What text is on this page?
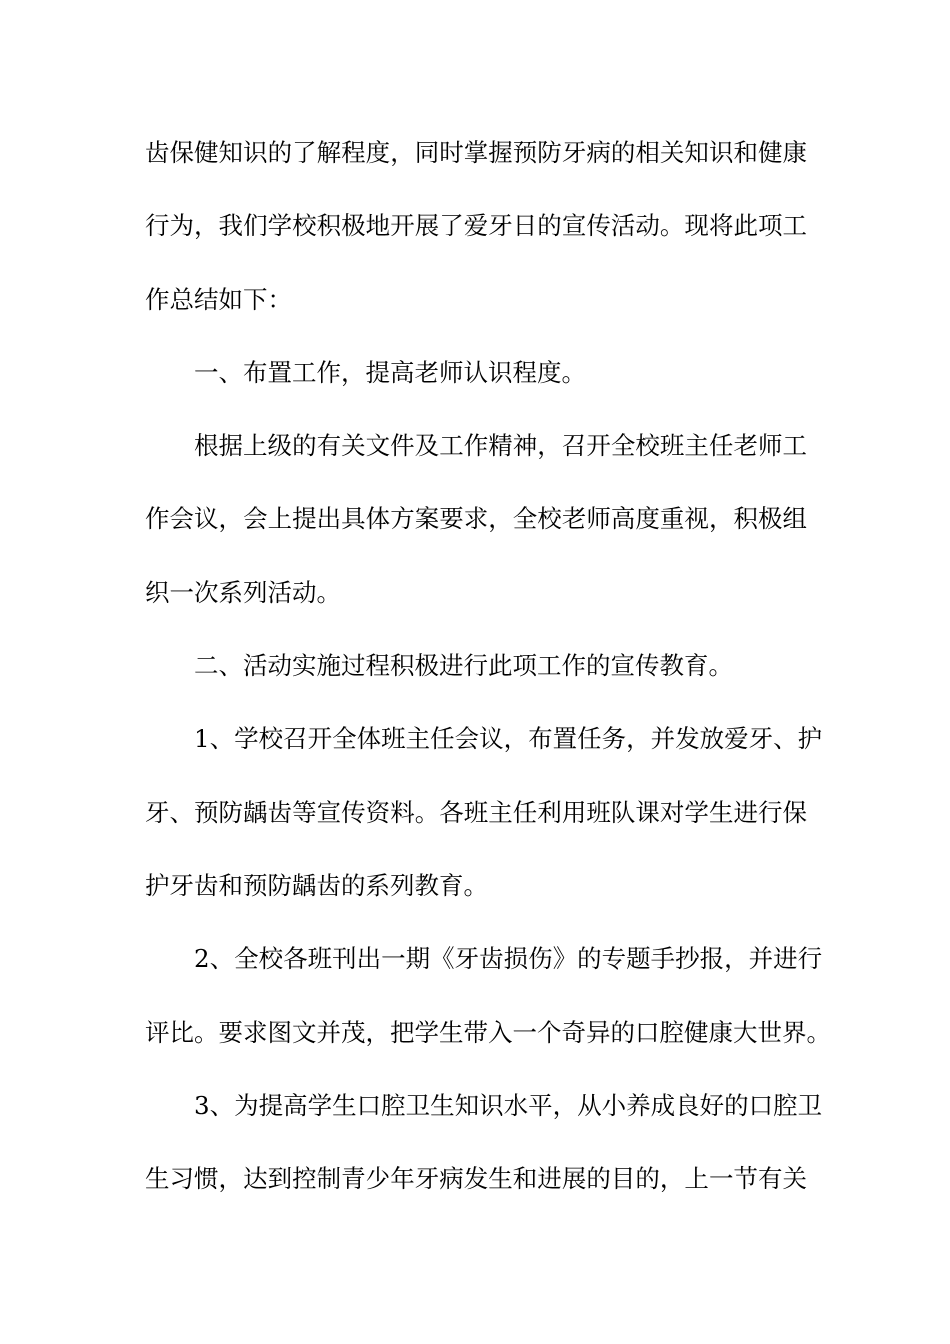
齿保健知识的了解程度，同时掌握预防牙病的相关知识和健康
行为，我们学校积极地开展了爱牙日的宣传活动。现将此项工
作总结如下：
一、布置工作，提高老师认识程度。
根据上级的有关文件及工作精神，召开全校班主任老师工
作会议，会上提出具体方案要求，全校老师高度重视，积极组
织一次系列活动。
二、活动实施过程积极进行此项工作的宣传教育。
1、学校召开全体班主任会议，布置任务，并发放爱牙、护
牙、预防龋齿等宣传资料。各班主任利用班队课对学生进行保
护牙齿和预防龋齿的系列教育。
2、全校各班刊出一期《牙齿损伤》的专题手抄报，并进行
评比。要求图文并茂，把学生带入一个奇异的口腔健康大世界。
3、为提高学生口腔卫生知识水平，从小养成良好的口腔卫
生习惯，达到控制青少年牙病发生和进展的目的，上一节有关
